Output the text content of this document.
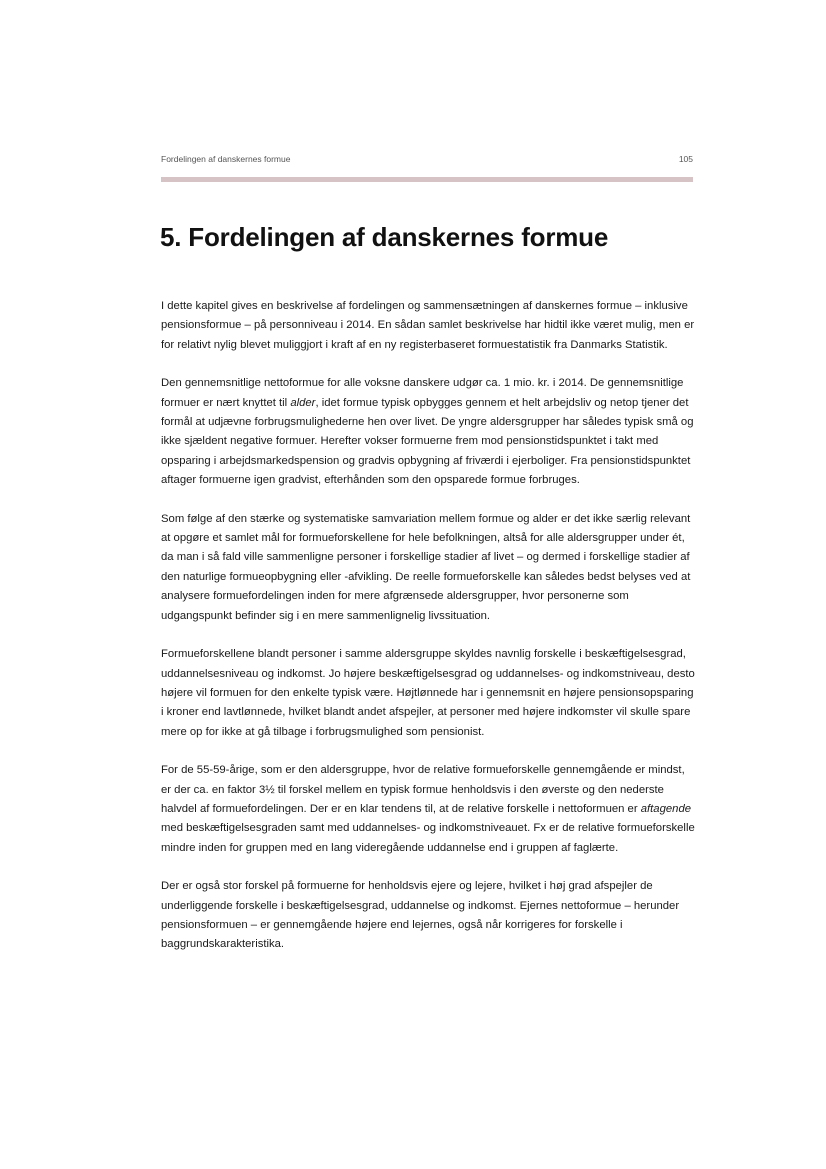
Fordelingen af danskernes formue	105
5. Fordelingen af danskernes formue

I dette kapitel gives en beskrivelse af fordelingen og sammensætningen af danskernes formue – inklusive pensionsformue – på personniveau i 2014. En sådan samlet beskrivelse har hidtil ikke været mulig, men er for relativt nylig blevet muliggjort i kraft af en ny registerbaseret formuestatistik fra Danmarks Statistik.

Den gennemsnitlige nettoformue for alle voksne danskere udgør ca. 1 mio. kr. i 2014. De gennemsnitlige formuer er nært knyttet til alder, idet formue typisk opbygges gennem et helt arbejdsliv og netop tjener det formål at udjævne forbrugsmulighederne hen over livet. De yngre aldersgrupper har således typisk små og ikke sjældent negative formuer. Herefter vokser formuerne frem mod pensionstidspunktet i takt med opsparing i arbejdsmarkedspension og gradvis opbygning af friværdi i ejerboliger. Fra pensionstidspunktet aftager formuerne igen gradvist, efterhånden som den opsparede formue forbruges.

Som følge af den stærke og systematiske samvariation mellem formue og alder er det ikke særlig relevant at opgøre et samlet mål for formueforskellene for hele befolkningen, altså for alle aldersgrupper under ét, da man i så fald ville sammenligne personer i forskellige stadier af livet – og dermed i forskellige stadier af den naturlige formueopbygning eller -afvikling. De reelle formueforskelle kan således bedst belyses ved at analysere formuefordelingen inden for mere afgrænsede aldersgrupper, hvor personerne som udgangspunkt befinder sig i en mere sammenlignelig livssituation.

Formueforskellene blandt personer i samme aldersgruppe skyldes navnlig forskelle i beskæftigelsesgrad, uddannelsesniveau og indkomst. Jo højere beskæftigelsesgrad og uddannelses- og indkomstniveau, desto højere vil formuen for den enkelte typisk være. Højtlønnede har i gennemsnit en højere pensionsopsparing i kroner end lavtlønnede, hvilket blandt andet afspejler, at personer med højere indkomster vil skulle spare mere op for ikke at gå tilbage i forbrugsmulighed som pensionist.

For de 55-59-årige, som er den aldersgruppe, hvor de relative formueforskelle gennemgående er mindst, er der ca. en faktor 3½ til forskel mellem en typisk formue henholdsvis i den øverste og den nederste halvdel af formuefordelingen. Der er en klar tendens til, at de relative forskelle i nettoformuen er aftagende med beskæftigelsesgraden samt med uddannelses- og indkomstniveauet. Fx er de relative formueforskelle mindre inden for gruppen med en lang videregående uddannelse end i gruppen af faglærte.

Der er også stor forskel på formuerne for henholdsvis ejere og lejere, hvilket i høj grad afspejler de underliggende forskelle i beskæftigelsesgrad, uddannelse og indkomst. Ejernes nettoformue – herunder pensionsformuen – er gennemgående højere end lejernes, også når korrigeres for forskelle i baggrundskarakteristika.
